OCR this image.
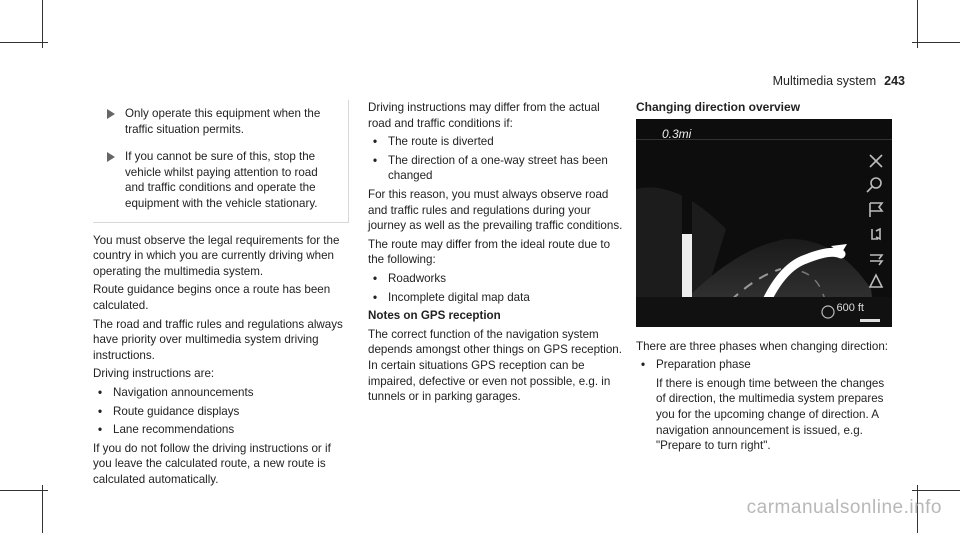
Multimedia system 243
Only operate this equipment when the traffic situation permits.
If you cannot be sure of this, stop the vehicle whilst paying attention to road and traffic conditions and operate the equipment with the vehicle stationary.

You must observe the legal requirements for the country in which you are currently driving when operating the multimedia system.

Route guidance begins once a route has been calculated.

The road and traffic rules and regulations always have priority over multimedia system driving instructions.

Driving instructions are:

• Navigation announcements
• Route guidance displays
• Lane recommendations

If you do not follow the driving instructions or if you leave the calculated route, a new route is calculated automatically.

Driving instructions may differ from the actual road and traffic conditions if:

• The route is diverted
• The direction of a one-way street has been changed

For this reason, you must always observe road and traffic rules and regulations during your journey as well as the prevailing traffic conditions.

The route may differ from the ideal route due to the following:

• Roadworks
• Incomplete digital map data

Notes on GPS reception

The correct function of the navigation system depends amongst other things on GPS reception. In certain situations GPS reception can be impaired, defective or even not possible, e.g. in tunnels or in parking garages.

Changing direction overview

0.3mi
600 ft

There are three phases when changing direction:

• Preparation phase

If there is enough time between the changes of direction, the multimedia system prepares you for the upcoming change of direction. A navigation announcement is issued, e.g. "Prepare to turn right".

carmanualsonline.info
